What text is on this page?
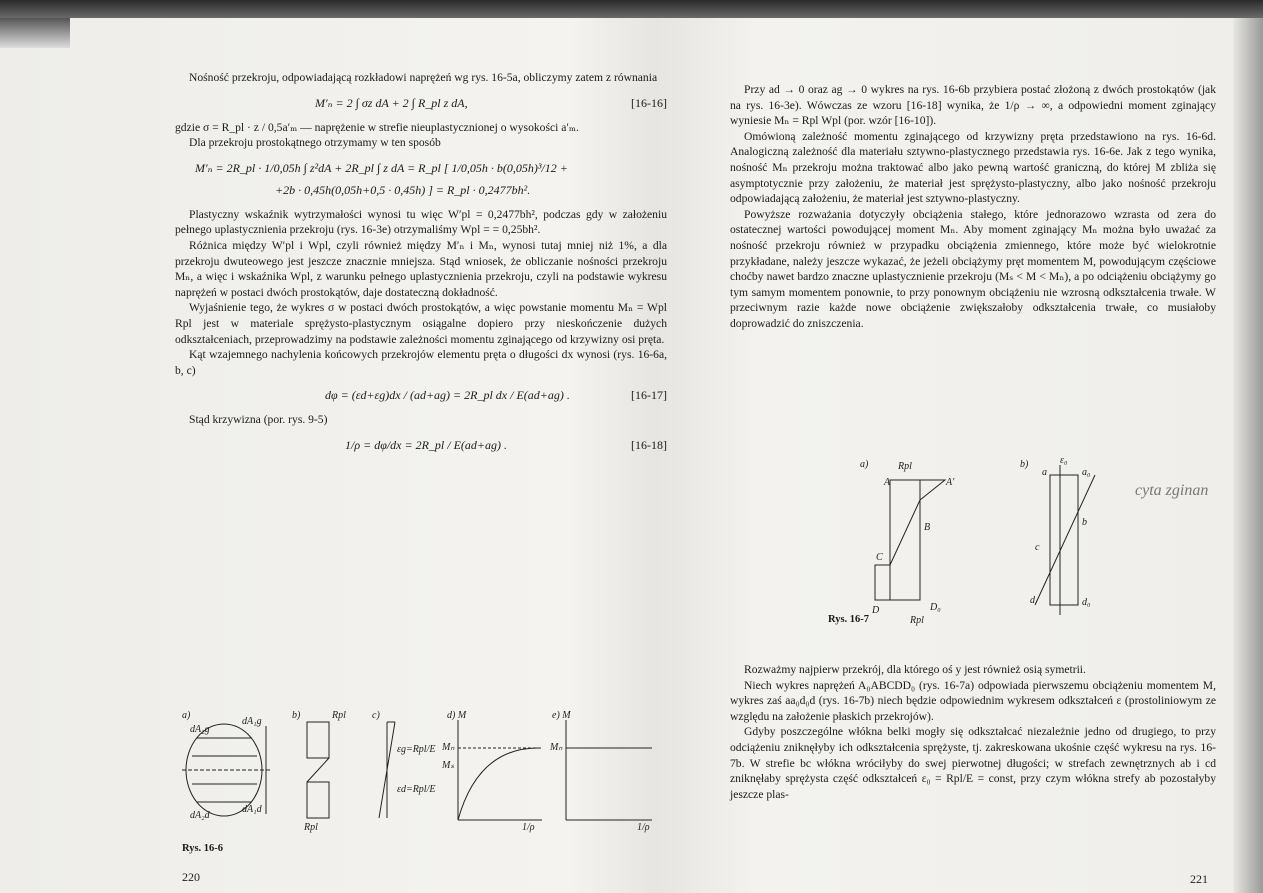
Nośność przekroju, odpowiadającą rozkładowi naprężeń wg rys. 16-5a, obliczymy zatem z równania

M′ₙ = 2 ∫ σz dA + 2 ∫ R_pl z dA,	[16-16]

gdzie σ = R_pl · z / 0,5a′ₘ — naprężenie w strefie nieuplastycznionej o wysokości a′ₘ.

Dla przekroju prostokątnego otrzymamy w ten sposób

M′ₙ = 2R_pl · 1/0,05h ∫ z²dA + 2R_pl ∫ z dA = R_pl [ 1/0,05h · b(0,05h)³/12 +
+2b · 0,45h(0,05h+0,5 · 0,45h) ] = R_pl · 0,2477bh².

Plastyczny wskaźnik wytrzymałości wynosi tu więc W′pl = 0,2477bh², podczas gdy w założeniu pełnego uplastycznienia przekroju (rys. 16-3e) otrzymaliśmy Wpl = = 0,25bh².

Różnica między W′pl i Wpl, czyli również między M′ₙ i Mₙ, wynosi tutaj mniej niż 1%, a dla przekroju dwuteowego jest jeszcze znacznie mniejsza. Stąd wniosek, że obliczanie nośności przekroju Mₙ, a więc i wskaźnika Wpl, z warunku pełnego uplastycznienia przekroju, czyli na podstawie wykresu naprężeń w postaci dwóch prostokątów, daje dostateczną dokładność.

Wyjaśnienie tego, że wykres σ w postaci dwóch prostokątów, a więc powstanie momentu Mₙ = Wpl Rpl jest w materiale sprężysto-plastycznym osiągalne dopiero przy nieskończenie dużych odkształceniach, przeprowadzimy na podstawie zależności momentu zginającego od krzywizny osi pręta.

Kąt wzajemnego nachylenia końcowych przekrojów elementu pręta o długości dx wynosi (rys. 16-6a, b, c)

dφ = (εd+εg)dx / (ad+ag) = 2R_pl dx / E(ad+ag) .	[16-17]

Stąd krzywizna (por. rys. 9-5)

1/ρ = dφ/dx = 2R_pl / E(ad+ag) .	[16-18]
a)	b)	c)	d) M	e) M
dA₁g
dA₂g
dA₂d
dA₁d
Mₙ
Mₛ
Mₙ
Rpl
Rpl
εg=Rpl/E
εd=Rpl/E
1/ρ	1/ρ
Rys. 16-6
220

Przy ad → 0 oraz ag → 0 wykres na rys. 16-6b przybiera postać złożoną z dwóch prostokątów (jak na rys. 16-3e). Wówczas ze wzoru [16-18] wynika, że 1/ρ → ∞, a odpowiedni moment zginający wyniesie Mₙ = Rpl Wpl (por. wzór [16-10]).

Omówioną zależność momentu zginającego od krzywizny pręta przedstawiono na rys. 16-6d. Analogiczną zależność dla materiału sztywno-plastycznego przedstawia rys. 16-6e. Jak z tego wynika, nośność Mₙ przekroju można traktować albo jako pewną wartość graniczną, do której M zbliża się asymptotycznie przy założeniu, że materiał jest sprężysto-plastyczny, albo jako nośność przekroju odpowiadającą założeniu, że materiał jest sztywno-plastyczny.

Powyższe rozważania dotyczyły obciążenia stałego, które jednorazowo wzrasta od zera do ostatecznej wartości powodującej moment Mₙ. Aby moment zginający Mₙ można było uważać za nośność przekroju również w przypadku obciążenia zmiennego, które może być wielokrotnie przykładane, należy jeszcze wykazać, że jeżeli obciążymy pręt momentem M, powodującym częściowe choćby nawet bardzo znaczne uplastycznienie przekroju (Mₛ < M < Mₙ), a po odciążeniu obciążymy go tym samym momentem ponownie, to przy ponownym obciążeniu nie wzrosną odkształcenia trwałe. W przeciwnym razie każde nowe obciążenie zwiększałoby odkształcenia trwałe, co musiałoby doprowadzić do zniszczenia.

a)	b)
Rpl
A	A′
B
C
D	D₀
Rpl
a	a₀
b
c
d	d₀
ε₀
cyta zginan
Rys. 16-7

Rozważmy najpierw przekrój, dla którego oś y jest również osią symetrii.

Niech wykres naprężeń A₀ABCDD₀ (rys. 16-7a) odpowiada pierwszemu obciążeniu momentem M, wykres zaś aa₀d₀d (rys. 16-7b) niech będzie odpowiednim wykresem odkształceń ε (prostoliniowym ze względu na założenie płaskich przekrojów).

Gdyby poszczególne włókna belki mogły się odkształcać niezależnie jedno od drugiego, to przy odciążeniu zniknęłyby ich odkształcenia sprężyste, tj. zakreskowana ukośnie część wykresu na rys. 16-7b. W strefie bc włókna wróciłyby do swej pierwotnej długości; w strefach zewnętrznych ab i cd zniknęłaby sprężysta część odkształceń ε₀ = Rpl/E = const, przy czym włókna strefy ab pozostałyby jeszcze plas-

221
